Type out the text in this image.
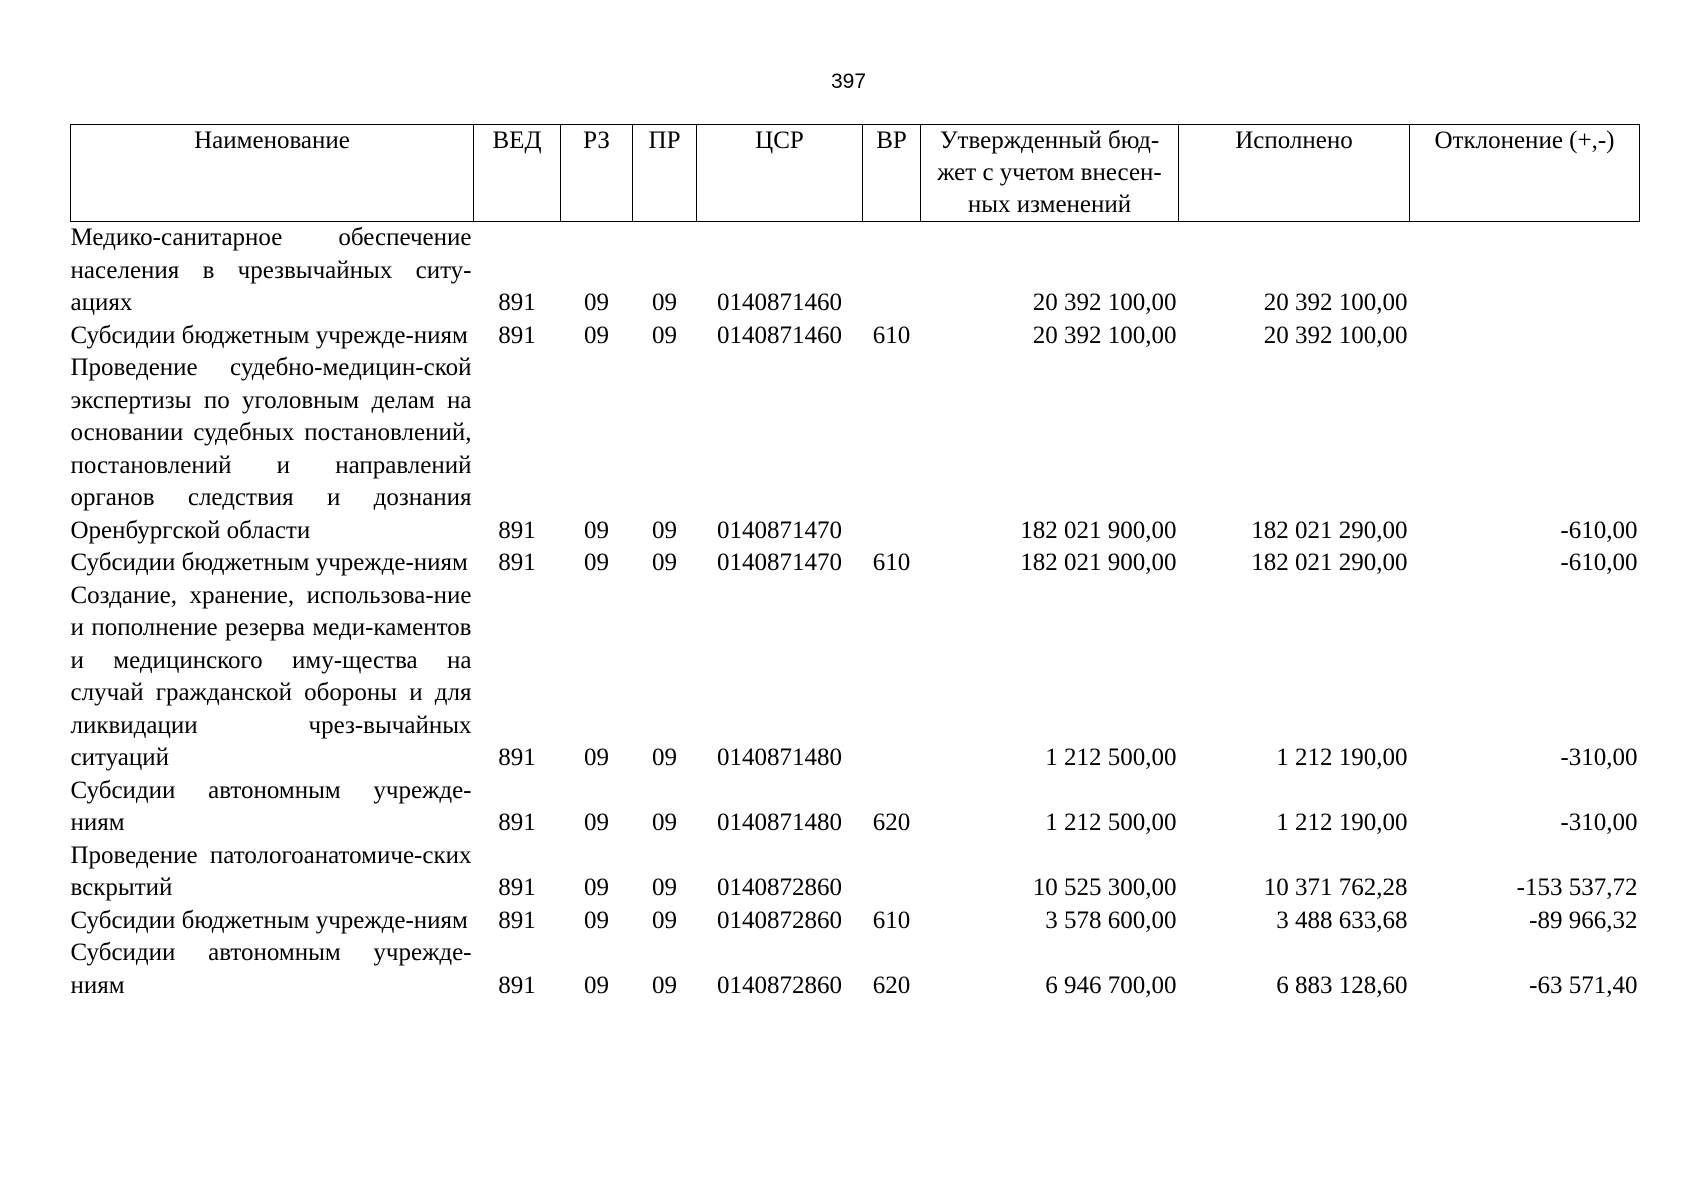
397
Наименование	ВЕД	РЗ	ПР	ЦСР	ВР	Утвержденный бюд-
жет с учетом внесен-
ных изменений	Исполнено	Отклонение (+,-)
Медико-санитарное обеспечение населения в чрезвычайных ситу-ациях	891	09	09	0140871460		20 392 100,00	20 392 100,00	
Субсидии бюджетным учрежде-ниям	891	09	09	0140871460	610	20 392 100,00	20 392 100,00	
Проведение судебно-медицин-ской экспертизы по уголовным делам на основании судебных постановлений, постановлений и направлений органов следствия и дознания Оренбургской области	891	09	09	0140871470		182 021 900,00	182 021 290,00	-610,00
Субсидии бюджетным учрежде-ниям	891	09	09	0140871470	610	182 021 900,00	182 021 290,00	-610,00
Создание, хранение, использова-ние и пополнение резерва меди-каментов и медицинского иму-щества на случай гражданской обороны и для ликвидации чрез-вычайных ситуаций	891	09	09	0140871480		1 212 500,00	1 212 190,00	-310,00
Субсидии автономным учрежде-ниям	891	09	09	0140871480	620	1 212 500,00	1 212 190,00	-310,00
Проведение патологоанатомиче-ских вскрытий	891	09	09	0140872860		10 525 300,00	10 371 762,28	-153 537,72
Субсидии бюджетным учрежде-ниям	891	09	09	0140872860	610	3 578 600,00	3 488 633,68	-89 966,32
Субсидии автономным учрежде-ниям	891	09	09	0140872860	620	6 946 700,00	6 883 128,60	-63 571,40
